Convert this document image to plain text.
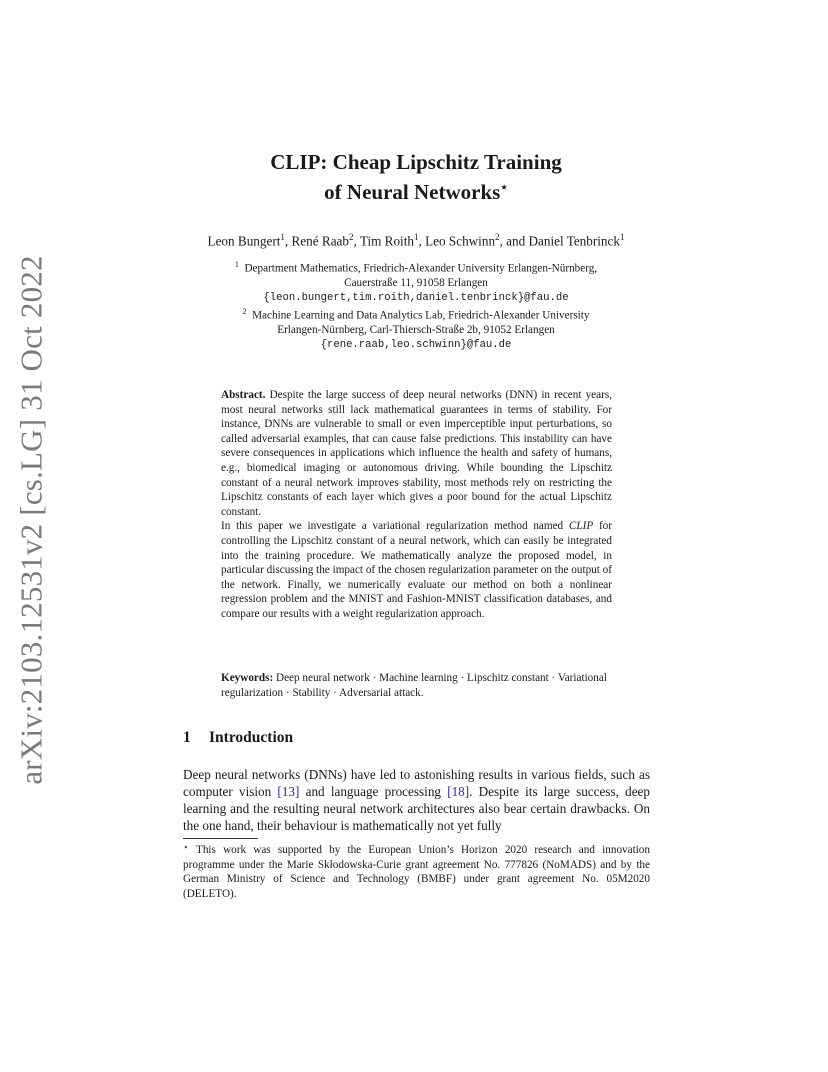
arXiv:2103.12531v2 [cs.LG] 31 Oct 2022
CLIP: Cheap Lipschitz Training
of Neural Networks⋆
Leon Bungert$^1$, René Raab$^2$, Tim Roith$^1$, Leo Schwinn$^2$, and Daniel Tenbrinck$^1$
$^1$ Department Mathematics, Friedrich-Alexander University Erlangen-Nürnberg,
Cauerstraße 11, 91058 Erlangen
{leon.bungert,tim.roith,daniel.tenbrinck}@fau.de
$^2$ Machine Learning and Data Analytics Lab, Friedrich-Alexander University
Erlangen-Nürnberg, Carl-Thiersch-Straße 2b, 91052 Erlangen
{rene.raab,leo.schwinn}@fau.de

Abstract. Despite the large success of deep neural networks (DNN) in recent years, most neural networks still lack mathematical guarantees in terms of stability. For instance, DNNs are vulnerable to small or even imperceptible input perturbations, so called adversarial examples, that can cause false predictions. This instability can have severe consequences in applications which influence the health and safety of humans, e.g., biomedical imaging or autonomous driving. While bounding the Lipschitz constant of a neural network improves stability, most methods rely on restricting the Lipschitz constants of each layer which gives a poor bound for the actual Lipschitz constant.

In this paper we investigate a variational regularization method named CLIP for controlling the Lipschitz constant of a neural network, which can easily be integrated into the training procedure. We mathematically analyze the proposed model, in particular discussing the impact of the chosen regularization parameter on the output of the network. Finally, we numerically evaluate our method on both a nonlinear regression problem and the MNIST and Fashion-MNIST classification databases, and compare our results with a weight regularization approach.

Keywords: Deep neural network · Machine learning · Lipschitz constant · Variational regularization · Stability · Adversarial attack.
1 Introduction

Deep neural networks (DNNs) have led to astonishing results in various fields, such as computer vision [13] and language processing [18]. Despite its large success, deep learning and the resulting neural network architectures also bear certain drawbacks. On the one hand, their behaviour is mathematically not yet fully

⋆ This work was supported by the European Union’s Horizon 2020 research and innovation programme under the Marie Skłodowska-Curie grant agreement No. 777826 (NoMADS) and by the German Ministry of Science and Technology (BMBF) under grant agreement No. 05M2020 (DELETO).
